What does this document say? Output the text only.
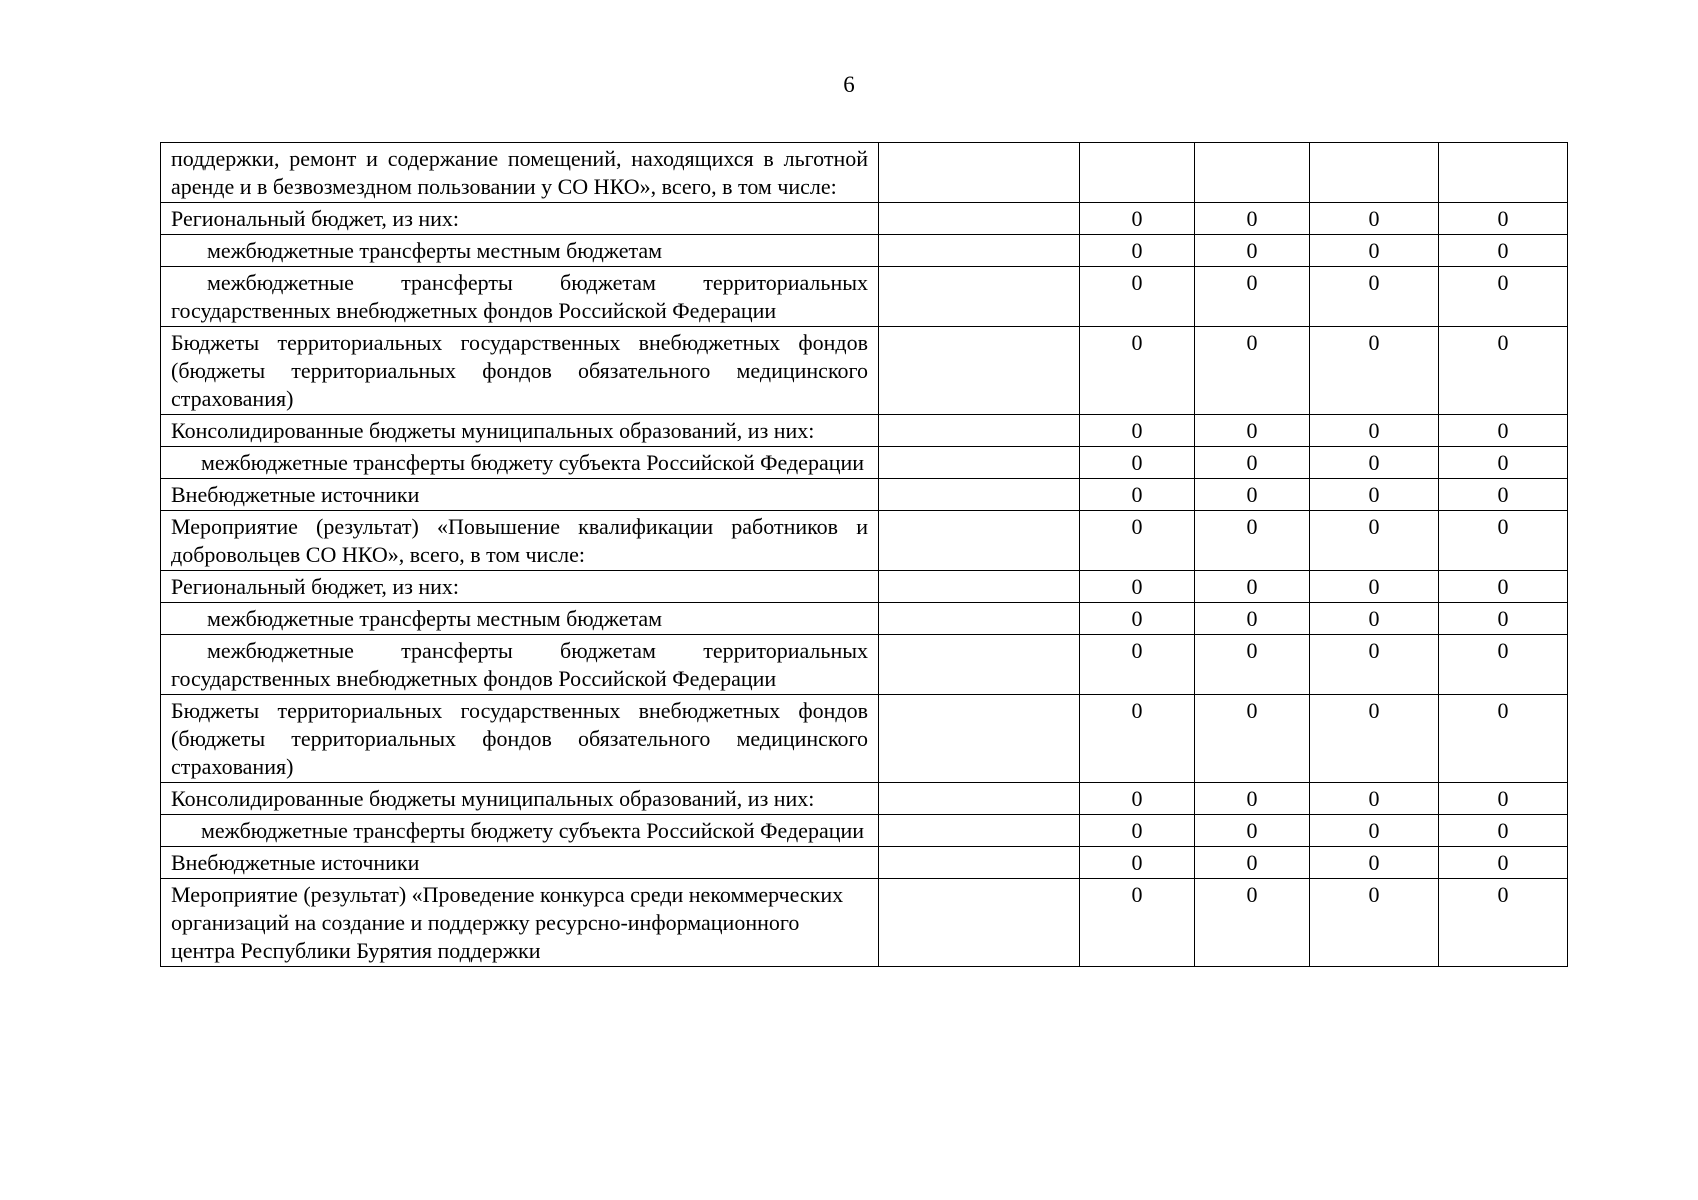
6
поддержки, ремонт и содержание помещений, находящихся в льготной аренде и в безвозмездном пользовании у СО НКО», всего, в том числе:					
Региональный бюджет, из них:		0	0	0	0
межбюджетные трансферты местным бюджетам		0	0	0	0
межбюджетные трансферты бюджетам территориальных государственных внебюджетных фондов Российской Федерации		0	0	0	0
Бюджеты территориальных государственных внебюджетных фондов (бюджеты территориальных фондов обязательного медицинского страхования)		0	0	0	0
Консолидированные бюджеты муниципальных образований, из них:		0	0	0	0
межбюджетные трансферты бюджету субъекта Российской Федерации		0	0	0	0
Внебюджетные источники		0	0	0	0
Мероприятие (результат) «Повышение квалификации работников и добровольцев СО НКО», всего, в том числе:		0	0	0	0
Региональный бюджет, из них:		0	0	0	0
межбюджетные трансферты местным бюджетам		0	0	0	0
межбюджетные трансферты бюджетам территориальных государственных внебюджетных фондов Российской Федерации		0	0	0	0
Бюджеты территориальных государственных внебюджетных фондов (бюджеты территориальных фондов обязательного медицинского страхования)		0	0	0	0
Консолидированные бюджеты муниципальных образований, из них:		0	0	0	0
межбюджетные трансферты бюджету субъекта Российской Федерации		0	0	0	0
Внебюджетные источники		0	0	0	0
Мероприятие (результат) «Проведение конкурса среди некоммерческих организаций на создание и поддержку ресурсно-информационного центра Республики Бурятия поддержки		0	0	0	0
